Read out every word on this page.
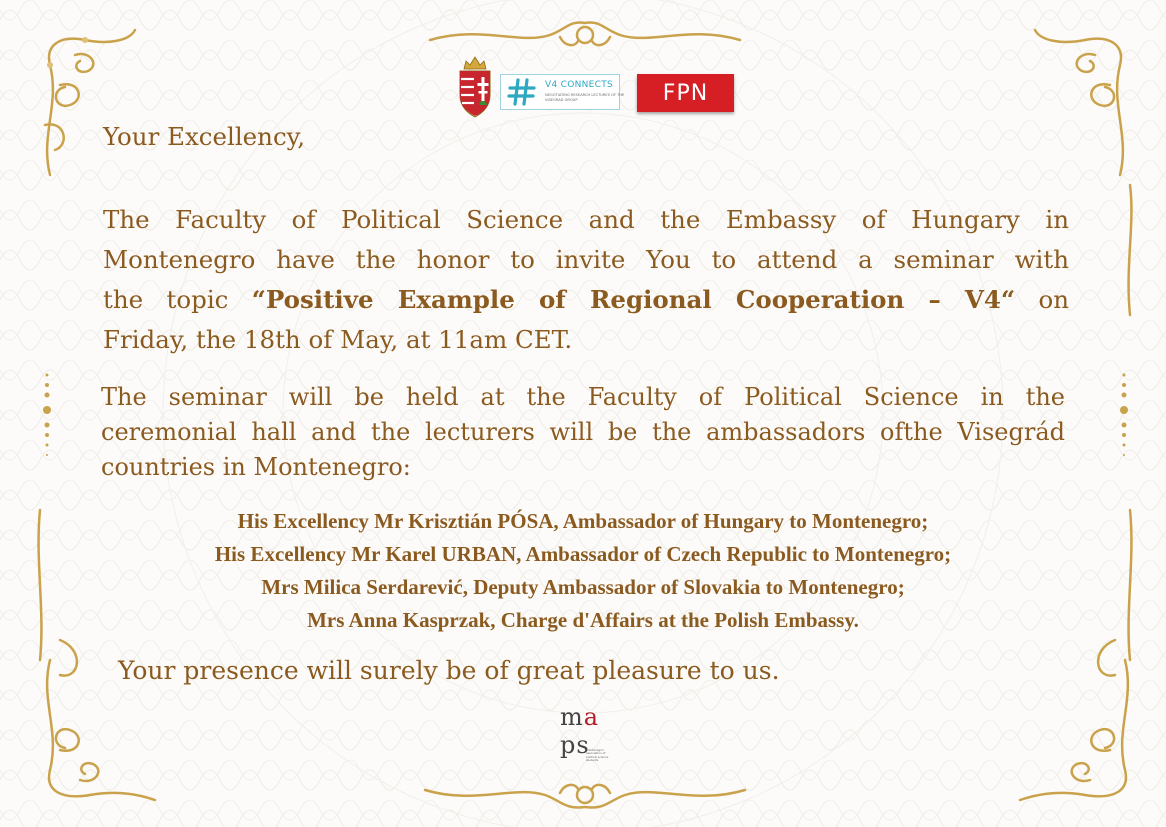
V4 CONNECTS
NEGOTIATING RESEARCH LECTURES OF THE
VISEGRAD GROUP	FPN
Your Excellency,
The Faculty of Political Science and the Embassy of Hungary in
Montenegro have the honor to invite You to attend a seminar with
the topic “Positive Example of Regional Cooperation – V4“ on
Friday, the 18th of May, at 11am CET.
The seminar will be held at the Faculty of Political Science in the
ceremonial hall and the lecturers will be the ambassadors ofthe Visegrád
countries in Montenegro:
His Excellency Mr Krisztián PÓSA, Ambassador of Hungary to Montenegro;
His Excellency Mr Karel URBAN, Ambassador of Czech Republic to Montenegro;
Mrs Milica Serdarević, Deputy Ambassador of Slovakia to Montenegro;
Mrs Anna Kasprzak, Charge d'Affairs at the Polish Embassy.
Your presence will surely be of great pleasure to us.
ma
ps
montenegrin association of political science students
